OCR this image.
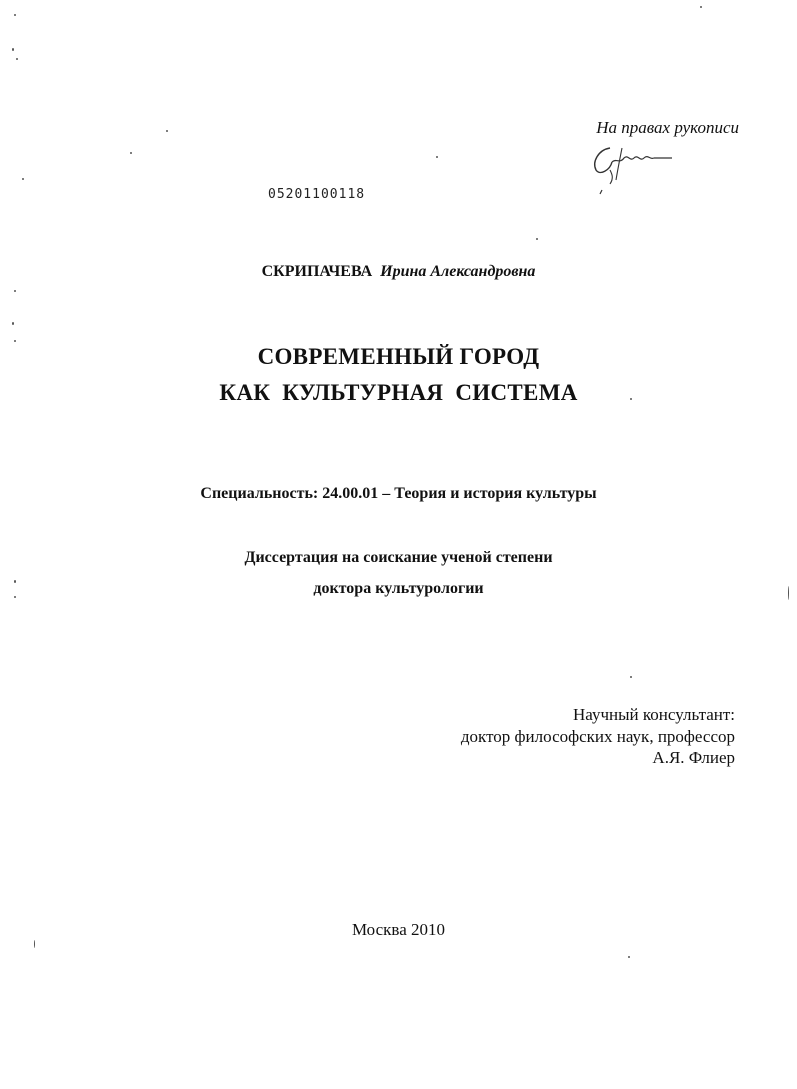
На правах рукописи
05201100118
СКРИПАЧЕВА Ирина Александровна
СОВРЕМЕННЫЙ ГОРОД
КАК КУЛЬТУРНАЯ СИСТЕМА
Специальность: 24.00.01 – Теория и история культуры
Диссертация на соискание ученой степени
доктора культурологии
Научный консультант:
доктор философских наук, профессор
А.Я. Флиер
Москва 2010
